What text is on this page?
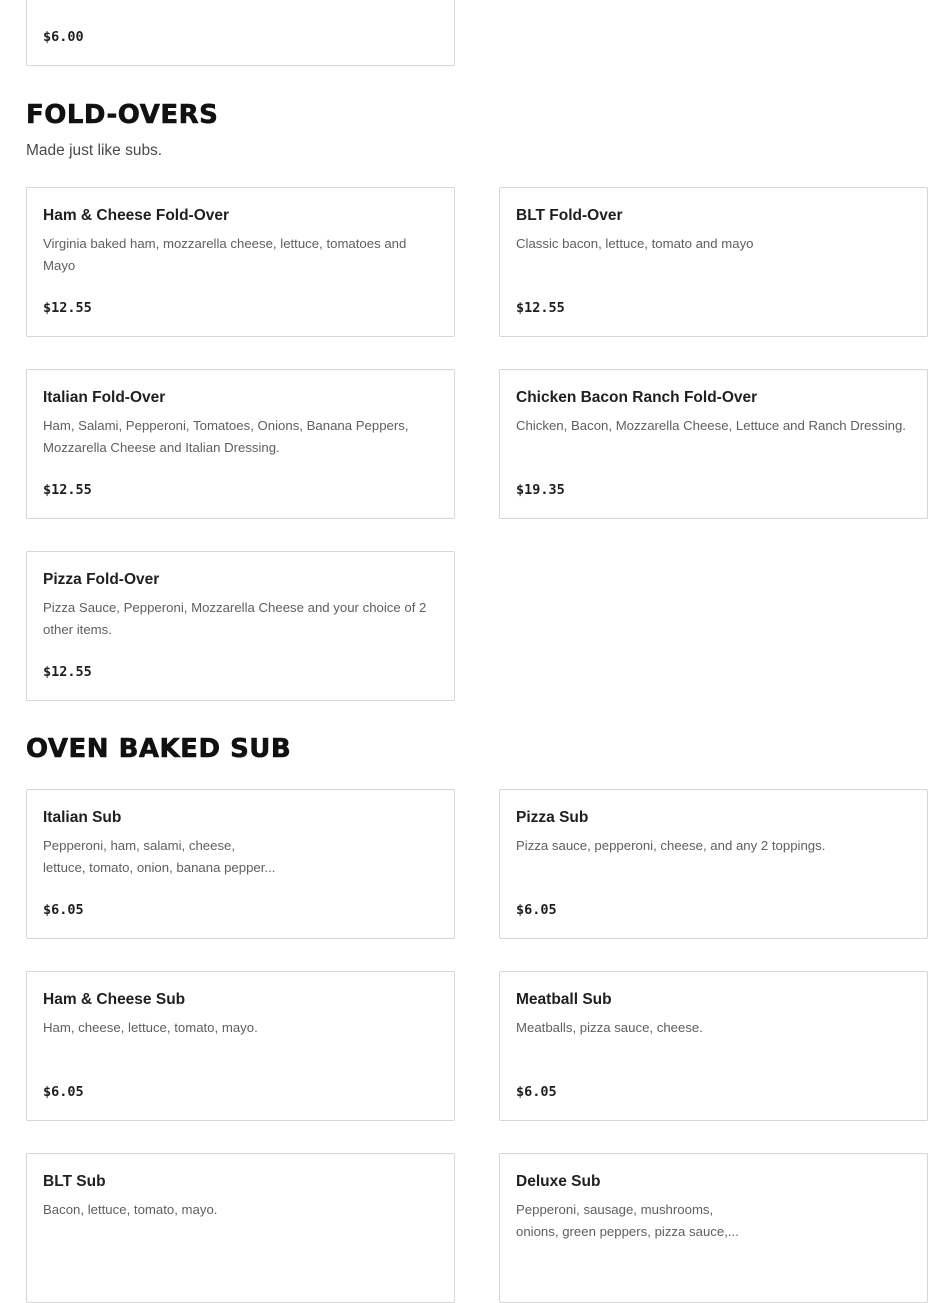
$6.00
FOLD-OVERS

Made just like subs.

Ham & Cheese Fold-Over
Virginia baked ham, mozzarella cheese, lettuce, tomatoes and Mayo
$12.55
BLT Fold-Over
Classic bacon, lettuce, tomato and mayo
$12.55
Italian Fold-Over
Ham, Salami, Pepperoni, Tomatoes, Onions, Banana Peppers, Mozzarella Cheese and Italian Dressing.
$12.55
Chicken Bacon Ranch Fold-Over
Chicken, Bacon, Mozzarella Cheese, Lettuce and Ranch Dressing.
$19.35
Pizza Fold-Over
Pizza Sauce, Pepperoni, Mozzarella Cheese and your choice of 2 other items.
$12.55
OVEN BAKED SUB
Italian Sub
Pepperoni, ham, salami, cheese,
lettuce, tomato, onion, banana pepper...
$6.05
Pizza Sub
Pizza sauce, pepperoni, cheese, and any 2 toppings.
$6.05
Ham & Cheese Sub
Ham, cheese, lettuce, tomato, mayo.
$6.05
Meatball Sub
Meatballs, pizza sauce, cheese.
$6.05
BLT Sub
Bacon, lettuce, tomato, mayo.
Deluxe Sub
Pepperoni, sausage, mushrooms,
onions, green peppers, pizza sauce,...
